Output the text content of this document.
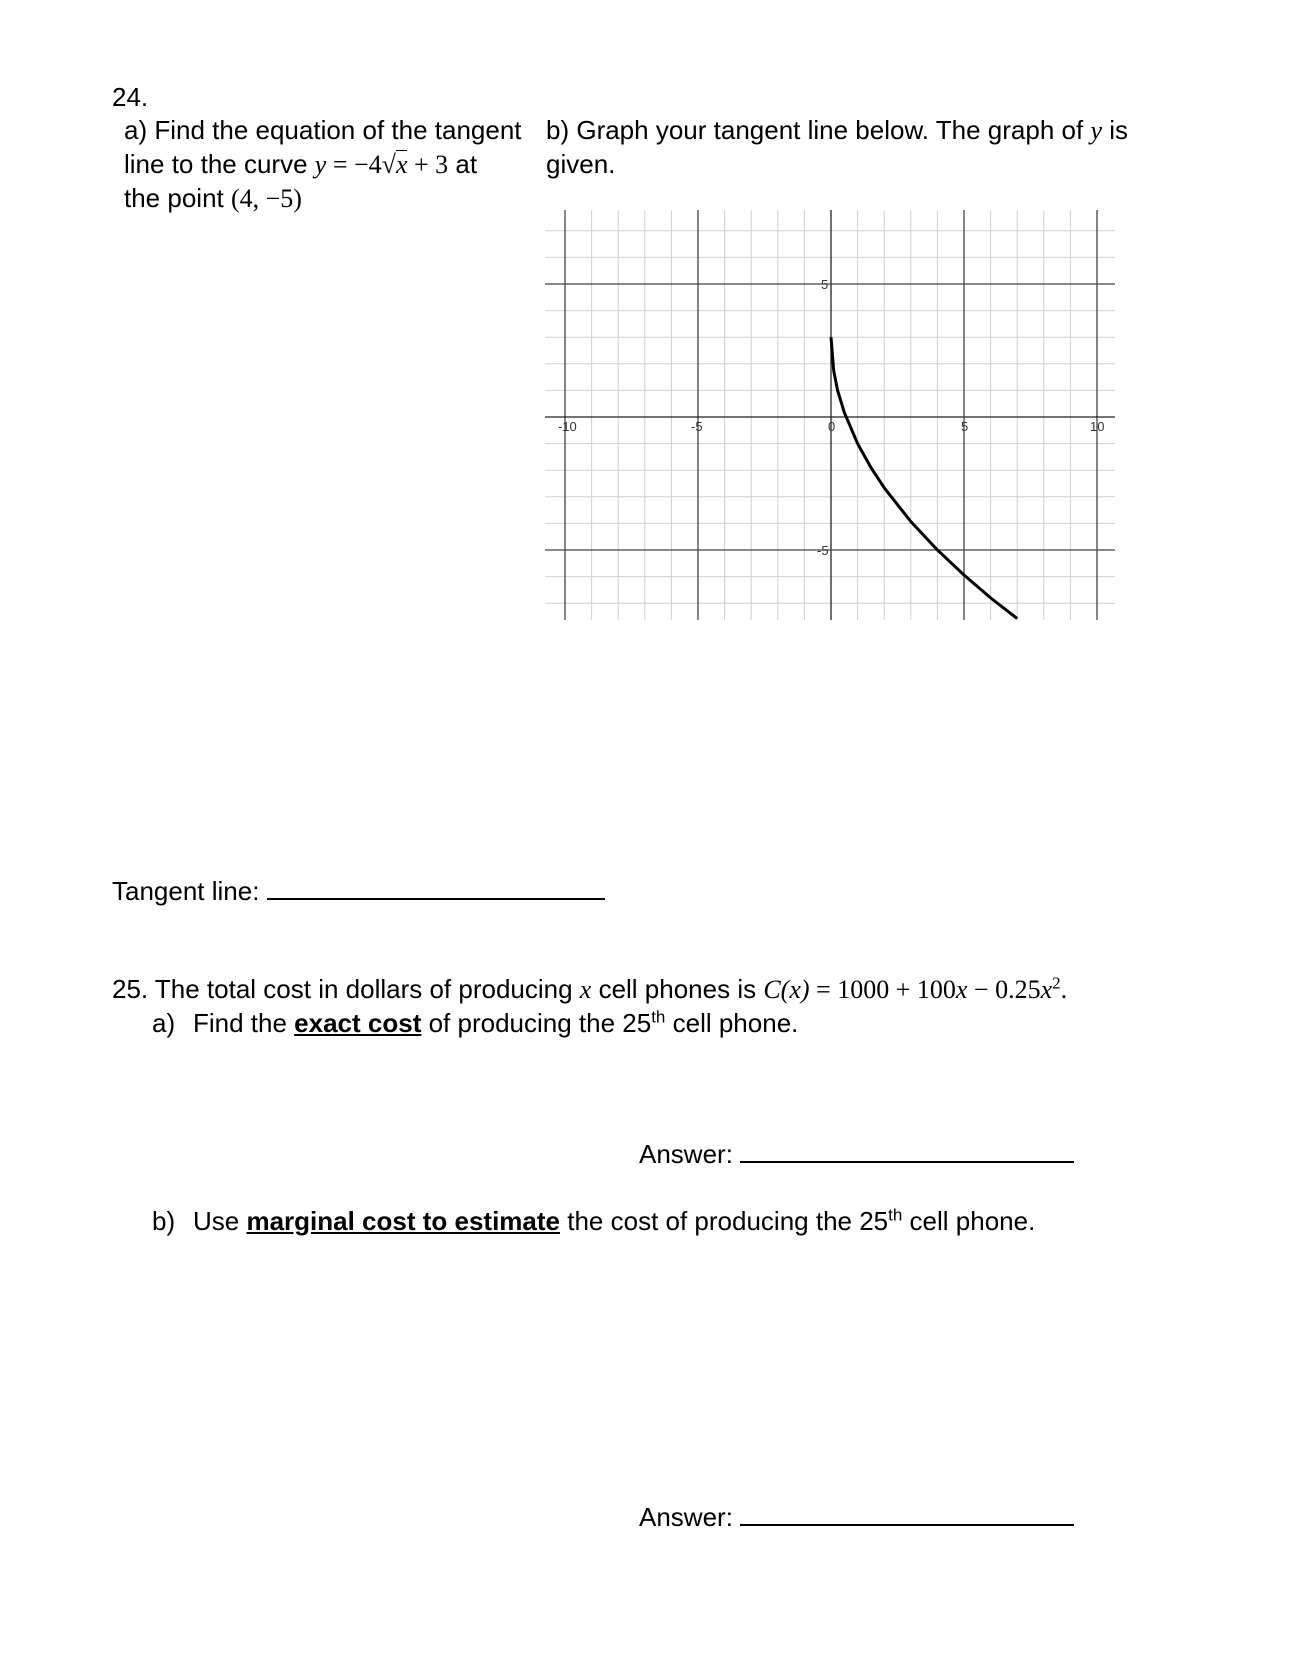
24.
a) Find the equation of the tangent
line to the curve y = −4√x + 3 at
the point (4, −5)
b) Graph your tangent line below. The graph of y is
given.
-10	-5	0	5	10
5
-5
Tangent line:
25. The total cost in dollars of producing x cell phones is $C(x) = 1000 + 100x - 0.25x^2$.
a) Find the exact cost of producing the 25th cell phone.
Answer:
b) Use marginal cost to estimate the cost of producing the 25th cell phone.
Answer:
